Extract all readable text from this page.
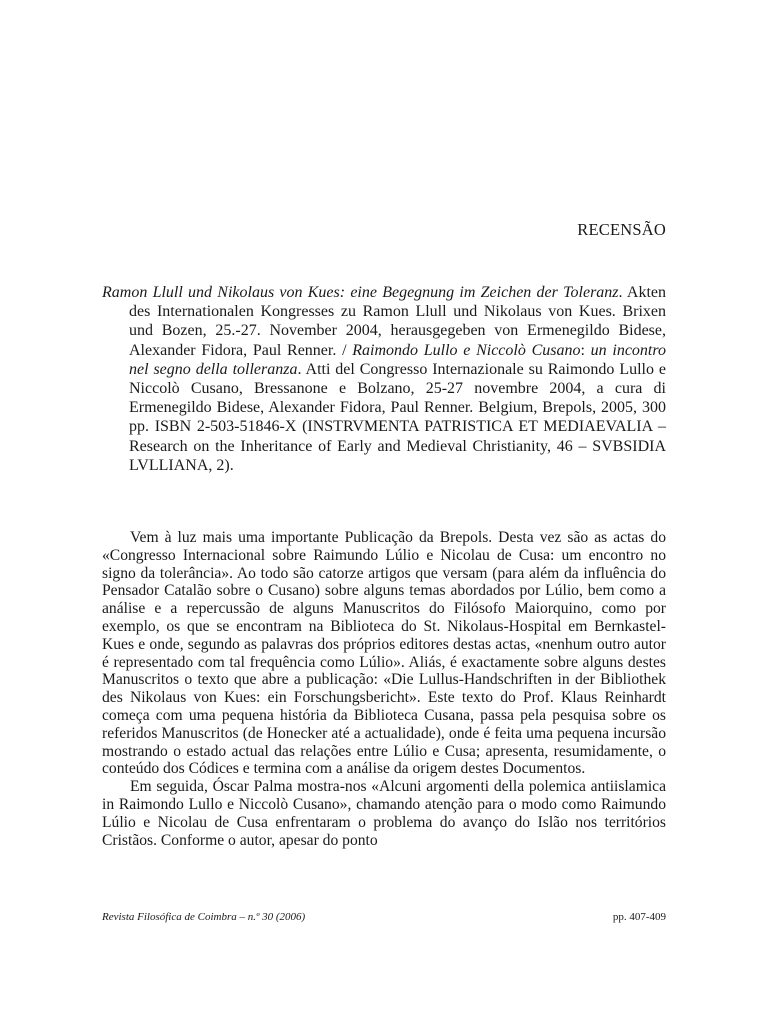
RECENSÃO

Ramon Llull und Nikolaus von Kues: eine Begegnung im Zeichen der Toleranz. Akten des Internationalen Kongresses zu Ramon Llull und Nikolaus von Kues. Brixen und Bozen, 25.-27. November 2004, herausgegeben von Ermenegildo Bidese, Alexander Fidora, Paul Renner. / Raimondo Lullo e Niccolò Cusano: un incontro nel segno della tolleranza. Atti del Congresso Internazionale su Raimondo Lullo e Niccolò Cusano, Bressanone e Bolzano, 25-27 novembre 2004, a cura di Ermenegildo Bidese, Alexander Fidora, Paul Renner. Belgium, Brepols, 2005, 300 pp. ISBN 2-503-51846-X (INSTRVMENTA PATRISTICA ET MEDIAEVALIA – Research on the Inheritance of Early and Medieval Christianity, 46 – SVBSIDIA LVLLIANA, 2).

Vem à luz mais uma importante Publicação da Brepols. Desta vez são as actas do «Congresso Internacional sobre Raimundo Lúlio e Nicolau de Cusa: um encontro no signo da tolerância». Ao todo são catorze artigos que versam (para além da influência do Pensador Catalão sobre o Cusano) sobre alguns temas abordados por Lúlio, bem como a análise e a repercussão de alguns Manuscritos do Filósofo Maiorquino, como por exemplo, os que se encontram na Biblioteca do St. Nikolaus-Hospital em Bernkastel-Kues e onde, segundo as palavras dos próprios editores destas actas, «nenhum outro autor é representado com tal frequência como Lúlio». Aliás, é exactamente sobre alguns destes Manuscritos o texto que abre a publicação: «Die Lullus-Handschriften in der Bibliothek des Nikolaus von Kues: ein Forschungsbericht». Este texto do Prof. Klaus Reinhardt começa com uma pequena história da Biblioteca Cusana, passa pela pesquisa sobre os referidos Manuscritos (de Honecker até a actualidade), onde é feita uma pequena incursão mostrando o estado actual das relações entre Lúlio e Cusa; apresenta, resumidamente, o conteúdo dos Códices e termina com a análise da origem destes Documentos.

Em seguida, Óscar Palma mostra-nos «Alcuni argomenti della polemica antiislamica in Raimondo Lullo e Niccolò Cusano», chamando atenção para o modo como Raimundo Lúlio e Nicolau de Cusa enfrentaram o problema do avanço do Islão nos territórios Cristãos. Conforme o autor, apesar do ponto

Revista Filosófica de Coimbra – n.º 30 (2006)	pp. 407-409
